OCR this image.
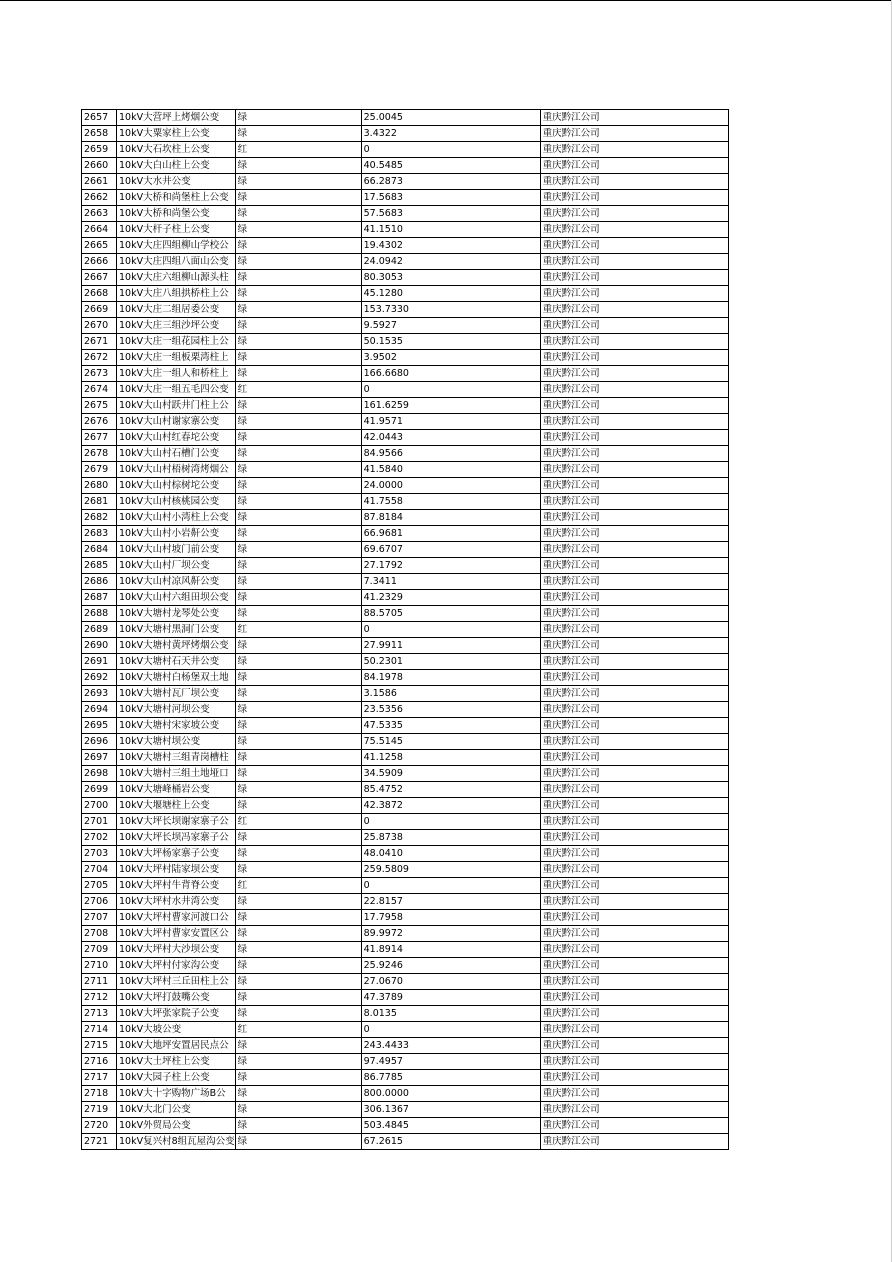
2657	10kV大营坪上烤烟公变	绿	25.0045	重庆黔江公司
2658	10kV大粟家柱上公变	绿	3.4322	重庆黔江公司
2659	10kV大石坎柱上公变	红	0	重庆黔江公司
2660	10kV大白山柱上公变	绿	40.5485	重庆黔江公司
2661	10kV大水井公变	绿	66.2873	重庆黔江公司
2662	10kV大桥和尚堡柱上公变	绿	17.5683	重庆黔江公司
2663	10kV大桥和尚堡公变	绿	57.5683	重庆黔江公司
2664	10kV大杆子柱上公变	绿	41.1510	重庆黔江公司
2665	10kV大庄四组柳山学校公	绿	19.4302	重庆黔江公司
2666	10kV大庄四组八面山公变	绿	24.0942	重庆黔江公司
2667	10kV大庄六组柳山源头柱	绿	80.3053	重庆黔江公司
2668	10kV大庄八组拱桥柱上公	绿	45.1280	重庆黔江公司
2669	10kV大庄二组居委公变	绿	153.7330	重庆黔江公司
2670	10kV大庄三组沙坪公变	绿	9.5927	重庆黔江公司
2671	10kV大庄一组花园柱上公	绿	50.1535	重庆黔江公司
2672	10kV大庄一组板栗湾柱上	绿	3.9502	重庆黔江公司
2673	10kV大庄一组人和桥柱上	绿	166.6680	重庆黔江公司
2674	10kV大庄一组五毛四公变	红	0	重庆黔江公司
2675	10kV大山村跃井门柱上公	绿	161.6259	重庆黔江公司
2676	10kV大山村谢家寨公变	绿	41.9571	重庆黔江公司
2677	10kV大山村红春坨公变	绿	42.0443	重庆黔江公司
2678	10kV大山村石槽门公变	绿	84.9566	重庆黔江公司
2679	10kV大山村梧树湾烤烟公	绿	41.5840	重庆黔江公司
2680	10kV大山村棕树坨公变	绿	24.0000	重庆黔江公司
2681	10kV大山村核桃园公变	绿	41.7558	重庆黔江公司
2682	10kV大山村小湾柱上公变	绿	87.8184	重庆黔江公司
2683	10kV大山村小岩鼾公变	绿	66.9681	重庆黔江公司
2684	10kV大山村坡门前公变	绿	69.6707	重庆黔江公司
2685	10kV大山村厂坝公变	绿	27.1792	重庆黔江公司
2686	10kV大山村凉风鼾公变	绿	7.3411	重庆黔江公司
2687	10kV大山村六组田坝公变	绿	41.2329	重庆黔江公司
2688	10kV大塘村龙琴处公变	绿	88.5705	重庆黔江公司
2689	10kV大塘村黑洞门公变	红	0	重庆黔江公司
2690	10kV大塘村黄坪烤烟公变	绿	27.9911	重庆黔江公司
2691	10kV大塘村石天井公变	绿	50.2301	重庆黔江公司
2692	10kV大塘村白杨堡双土地	绿	84.1978	重庆黔江公司
2693	10kV大塘村瓦厂坝公变	绿	3.1586	重庆黔江公司
2694	10kV大塘村河坝公变	绿	23.5356	重庆黔江公司
2695	10kV大塘村宋家坡公变	绿	47.5335	重庆黔江公司
2696	10kV大塘村坝公变	绿	75.5145	重庆黔江公司
2697	10kV大塘村三组青岗槽柱	绿	41.1258	重庆黔江公司
2698	10kV大塘村三组土地垭口	绿	34.5909	重庆黔江公司
2699	10kV大塘峰桶岩公变	绿	85.4752	重庆黔江公司
2700	10kV大堰塘柱上公变	绿	42.3872	重庆黔江公司
2701	10kV大坪长坝谢家寨子公	红	0	重庆黔江公司
2702	10kV大坪长坝冯家寨子公	绿	25.8738	重庆黔江公司
2703	10kV大坪杨家寨子公变	绿	48.0410	重庆黔江公司
2704	10kV大坪村陆家坝公变	绿	259.5809	重庆黔江公司
2705	10kV大坪村牛背脊公变	红	0	重庆黔江公司
2706	10kV大坪村水井湾公变	绿	22.8157	重庆黔江公司
2707	10kV大坪村曹家河渡口公	绿	17.7958	重庆黔江公司
2708	10kV大坪村曹家安置区公	绿	89.9972	重庆黔江公司
2709	10kV大坪村大沙坝公变	绿	41.8914	重庆黔江公司
2710	10kV大坪村付家沟公变	绿	25.9246	重庆黔江公司
2711	10kV大坪村三丘田柱上公	绿	27.0670	重庆黔江公司
2712	10kV大坪打鼓嘴公变	绿	47.3789	重庆黔江公司
2713	10kV大坪张家院子公变	绿	8.0135	重庆黔江公司
2714	10kV大坡公变	红	0	重庆黔江公司
2715	10kV大地坪安置居民点公	绿	243.4433	重庆黔江公司
2716	10kV大土坪柱上公变	绿	97.4957	重庆黔江公司
2717	10kV大园子柱上公变	绿	86.7785	重庆黔江公司
2718	10kV大十字购物广场B公	绿	800.0000	重庆黔江公司
2719	10kV大北门公变	绿	306.1367	重庆黔江公司
2720	10kV外贸局公变	绿	503.4845	重庆黔江公司
2721	10kV复兴村8组瓦屋沟公变	绿	67.2615	重庆黔江公司
